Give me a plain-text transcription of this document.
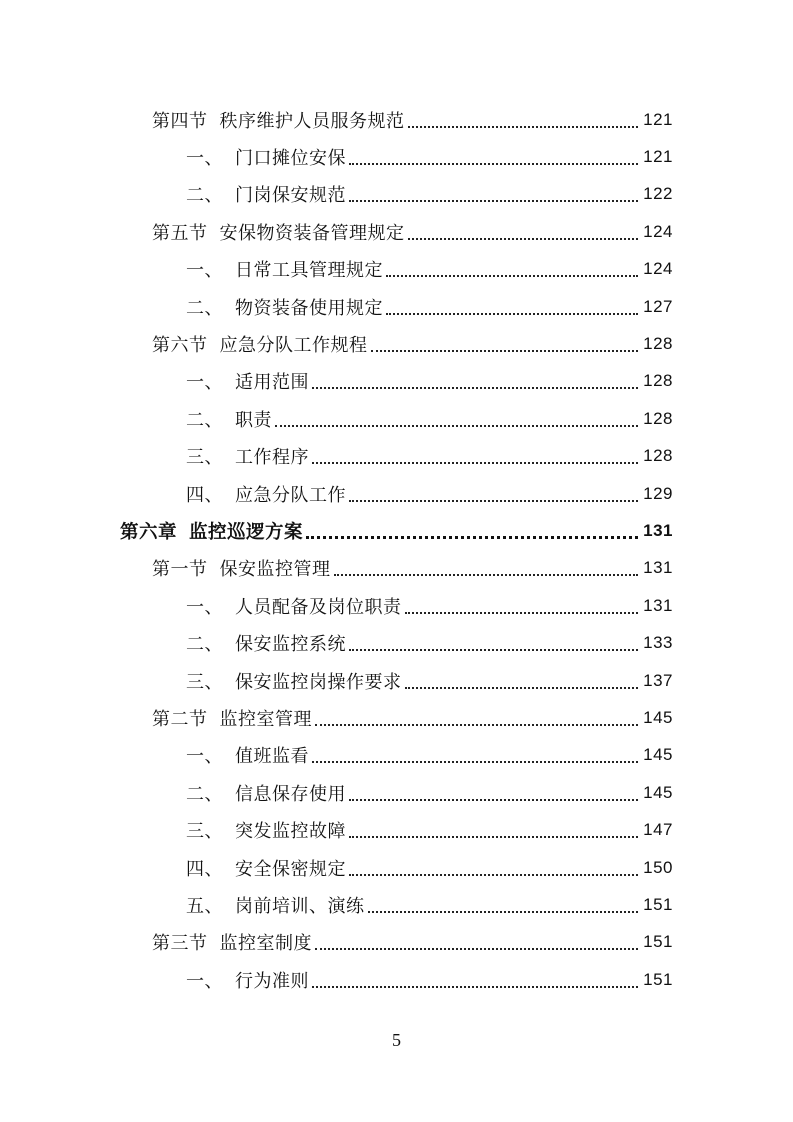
第四节 秩序维护人员服务规范	121
一、 门口摊位安保	121
二、 门岗保安规范	122
第五节 安保物资装备管理规定	124
一、 日常工具管理规定	124
二、 物资装备使用规定	127
第六节 应急分队工作规程	128
一、 适用范围	128
二、 职责	128
三、 工作程序	128
四、 应急分队工作	129
第六章 监控巡逻方案	131
第一节 保安监控管理	131
一、 人员配备及岗位职责	131
二、 保安监控系统	133
三、 保安监控岗操作要求	137
第二节 监控室管理	145
一、 值班监看	145
二、 信息保存使用	145
三、 突发监控故障	147
四、 安全保密规定	150
五、 岗前培训、演练	151
第三节 监控室制度	151
一、 行为准则	151
5
